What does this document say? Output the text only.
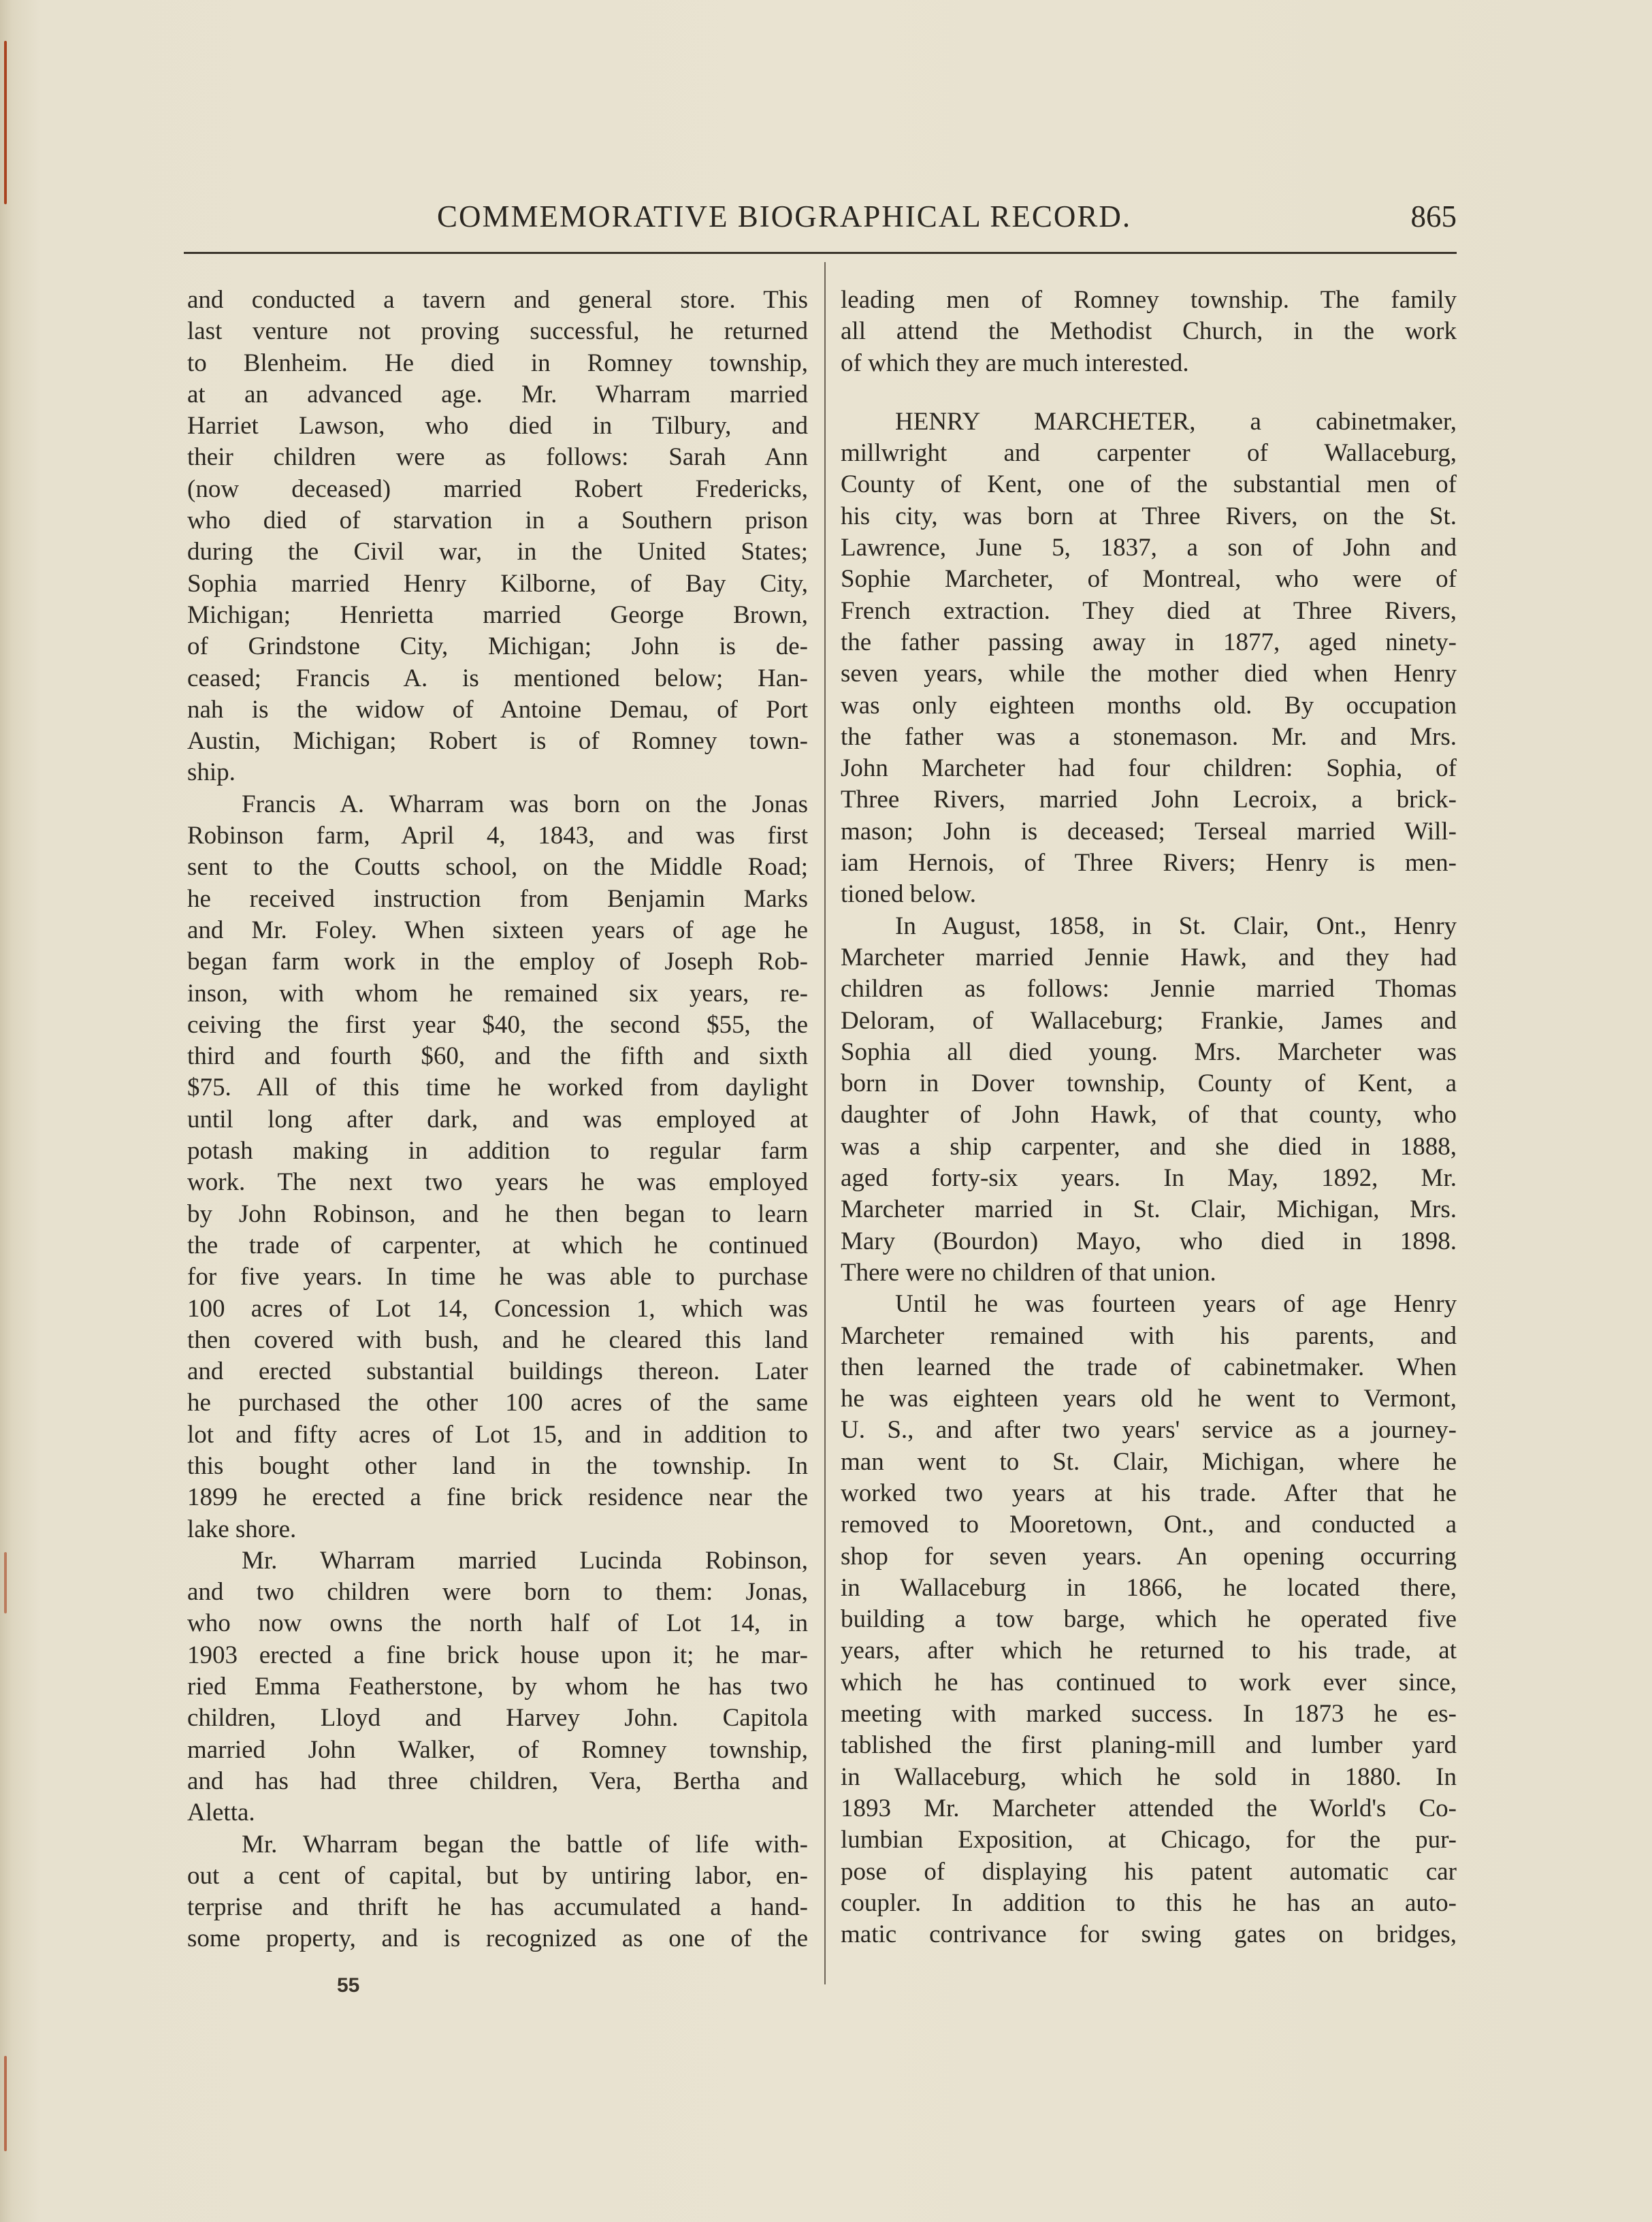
COMMEMORATIVE BIOGRAPHICAL RECORD.	865
and conducted a tavern and general store. This
last venture not proving successful, he returned
to Blenheim. He died in Romney township,
at an advanced age. Mr. Wharram married
Harriet Lawson, who died in Tilbury, and
their children were as follows: Sarah Ann
(now deceased) married Robert Fredericks,
who died of starvation in a Southern prison
during the Civil war, in the United States;
Sophia married Henry Kilborne, of Bay City,
Michigan; Henrietta married George Brown,
of Grindstone City, Michigan; John is de-
ceased; Francis A. is mentioned below; Han-
nah is the widow of Antoine Demau, of Port
Austin, Michigan; Robert is of Romney town-
ship.
Francis A. Wharram was born on the Jonas
Robinson farm, April 4, 1843, and was first
sent to the Coutts school, on the Middle Road;
he received instruction from Benjamin Marks
and Mr. Foley. When sixteen years of age he
began farm work in the employ of Joseph Rob-
inson, with whom he remained six years, re-
ceiving the first year $40, the second $55, the
third and fourth $60, and the fifth and sixth
$75. All of this time he worked from daylight
until long after dark, and was employed at
potash making in addition to regular farm
work. The next two years he was employed
by John Robinson, and he then began to learn
the trade of carpenter, at which he continued
for five years. In time he was able to purchase
100 acres of Lot 14, Concession 1, which was
then covered with bush, and he cleared this land
and erected substantial buildings thereon. Later
he purchased the other 100 acres of the same
lot and fifty acres of Lot 15, and in addition to
this bought other land in the township. In
1899 he erected a fine brick residence near the
lake shore.
Mr. Wharram married Lucinda Robinson,
and two children were born to them: Jonas,
who now owns the north half of Lot 14, in
1903 erected a fine brick house upon it; he mar-
ried Emma Featherstone, by whom he has two
children, Lloyd and Harvey John. Capitola
married John Walker, of Romney township,
and has had three children, Vera, Bertha and
Aletta.
Mr. Wharram began the battle of life with-
out a cent of capital, but by untiring labor, en-
terprise and thrift he has accumulated a hand-
some property, and is recognized as one of the
55
leading men of Romney township. The family
all attend the Methodist Church, in the work
of which they are much interested.
HENRY MARCHETER, a cabinetmaker,
millwright and carpenter of Wallaceburg,
County of Kent, one of the substantial men of
his city, was born at Three Rivers, on the St.
Lawrence, June 5, 1837, a son of John and
Sophie Marcheter, of Montreal, who were of
French extraction. They died at Three Rivers,
the father passing away in 1877, aged ninety-
seven years, while the mother died when Henry
was only eighteen months old. By occupation
the father was a stonemason. Mr. and Mrs.
John Marcheter had four children: Sophia, of
Three Rivers, married John Lecroix, a brick-
mason; John is deceased; Terseal married Will-
iam Hernois, of Three Rivers; Henry is men-
tioned below.
In August, 1858, in St. Clair, Ont., Henry
Marcheter married Jennie Hawk, and they had
children as follows: Jennie married Thomas
Deloram, of Wallaceburg; Frankie, James and
Sophia all died young. Mrs. Marcheter was
born in Dover township, County of Kent, a
daughter of John Hawk, of that county, who
was a ship carpenter, and she died in 1888,
aged forty-six years. In May, 1892, Mr.
Marcheter married in St. Clair, Michigan, Mrs.
Mary (Bourdon) Mayo, who died in 1898.
There were no children of that union.
Until he was fourteen years of age Henry
Marcheter remained with his parents, and
then learned the trade of cabinetmaker. When
he was eighteen years old he went to Vermont,
U. S., and after two years' service as a journey-
man went to St. Clair, Michigan, where he
worked two years at his trade. After that he
removed to Mooretown, Ont., and conducted a
shop for seven years. An opening occurring
in Wallaceburg in 1866, he located there,
building a tow barge, which he operated five
years, after which he returned to his trade, at
which he has continued to work ever since,
meeting with marked success. In 1873 he es-
tablished the first planing-mill and lumber yard
in Wallaceburg, which he sold in 1880. In
1893 Mr. Marcheter attended the World's Co-
lumbian Exposition, at Chicago, for the pur-
pose of displaying his patent automatic car
coupler. In addition to this he has an auto-
matic contrivance for swing gates on bridges,
